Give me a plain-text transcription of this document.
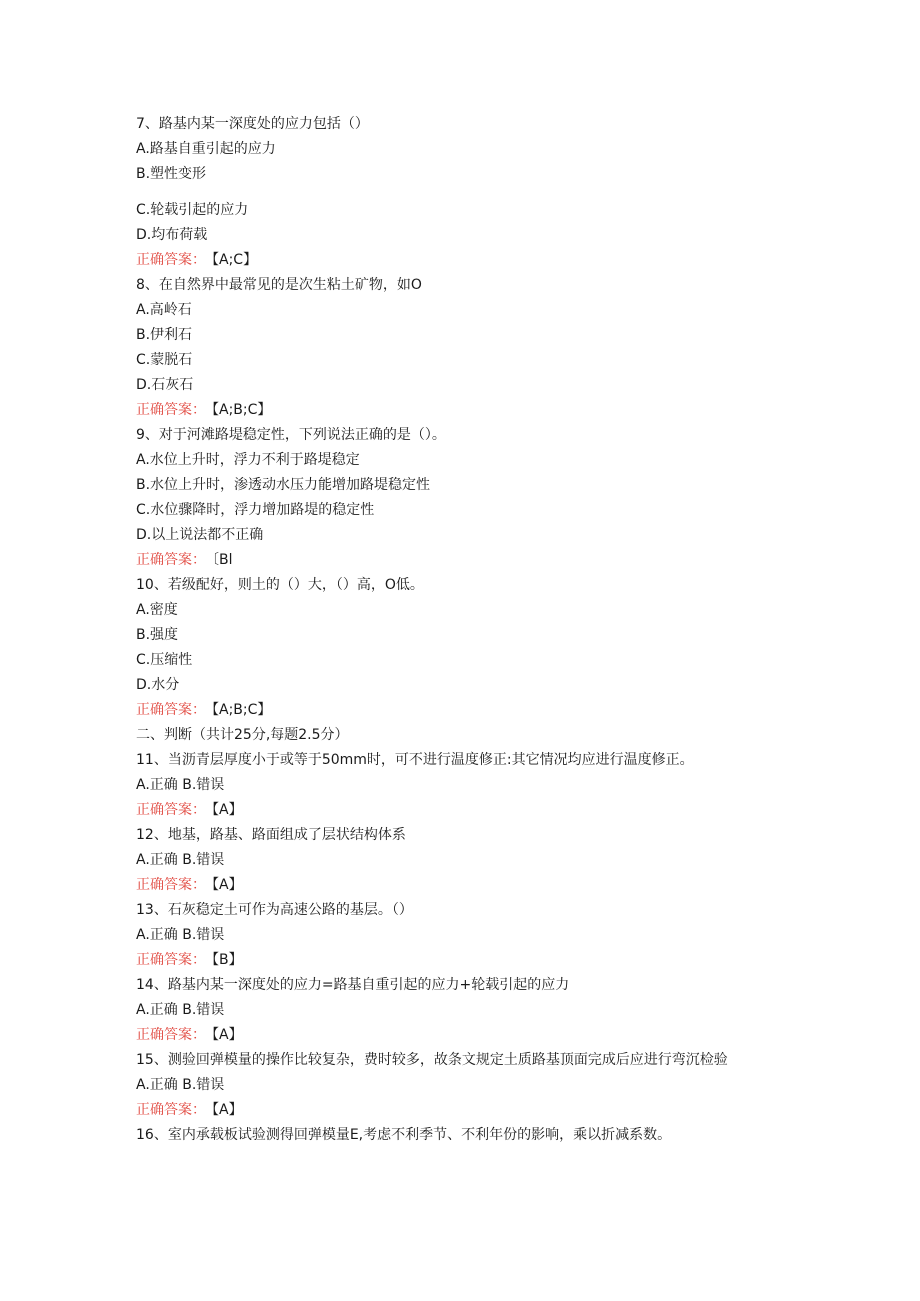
7、路基内某一深度处的应力包括（）
A.路基自重引起的应力
B.塑性变形
C.轮载引起的应力
D.均布荷载
正确答案： 【A;C】
8、在自然界中最常见的是次生粘土矿物，如O
A.高岭石
B.伊利石
C.蒙脱石
D.石灰石
正确答案： 【A;B;C】
9、对于河滩路堤稳定性，下列说法正确的是（）。
A.水位上升时，浮力不利于路堤稳定
B.水位上升时，渗透动水压力能增加路堤稳定性
C.水位骤降时，浮力增加路堤的稳定性
D.以上说法都不正确
正确答案： 〔Bl
10、若级配好，则土的（）大，（）高，O低。
A.密度
B.强度
C.压缩性
D.水分
正确答案： 【A;B;C】
二、判断（共计25分,每题2.5分）
11、当沥青层厚度小于或等于50mm时，可不进行温度修正:其它情况均应进行温度修正。
A.正确 B.错误
正确答案： 【A】
12、地基，路基、路面组成了层状结构体系
A.正确 B.错误
正确答案： 【A】
13、石灰稳定土可作为高速公路的基层。（）
A.正确 B.错误
正确答案： 【B】
14、路基内某一深度处的应力=路基自重引起的应力+轮载引起的应力
A.正确 B.错误
正确答案： 【A】
15、测验回弹模量的操作比较复杂，费时较多，故条文规定土质路基顶面完成后应进行弯沉检验
A.正确 B.错误
正确答案： 【A】
16、室内承载板试验测得回弹模量E,考虑不利季节、不利年份的影响，乘以折减系数。
